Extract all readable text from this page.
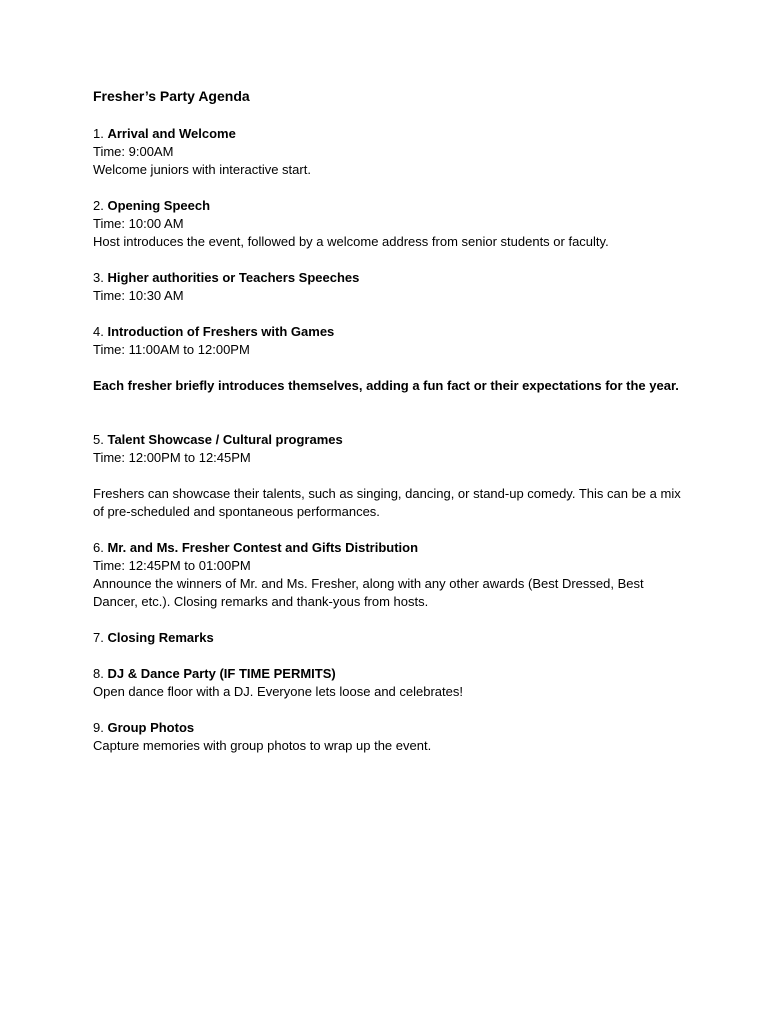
Fresher’s Party Agenda
1. Arrival and Welcome
Time: 9:00AM
Welcome juniors with interactive start.
2. Opening Speech
Time: 10:00 AM
Host introduces the event, followed by a welcome address from senior students or faculty.
3. Higher authorities or Teachers Speeches
Time: 10:30 AM
4. Introduction of Freshers with Games
Time: 11:00AM to 12:00PM
Each fresher briefly introduces themselves, adding a fun fact or their expectations for the year.
5. Talent Showcase / Cultural programes
Time: 12:00PM to 12:45PM
Freshers can showcase their talents, such as singing, dancing, or stand-up comedy. This can be a mix of pre-scheduled and spontaneous performances.
6. Mr. and Ms. Fresher Contest and Gifts Distribution
Time: 12:45PM to 01:00PM
Announce the winners of Mr. and Ms. Fresher, along with any other awards (Best Dressed, Best Dancer, etc.). Closing remarks and thank-yous from hosts.
7. Closing Remarks
8. DJ & Dance Party (IF TIME PERMITS)
Open dance floor with a DJ. Everyone lets loose and celebrates!
9. Group Photos
Capture memories with group photos to wrap up the event.
